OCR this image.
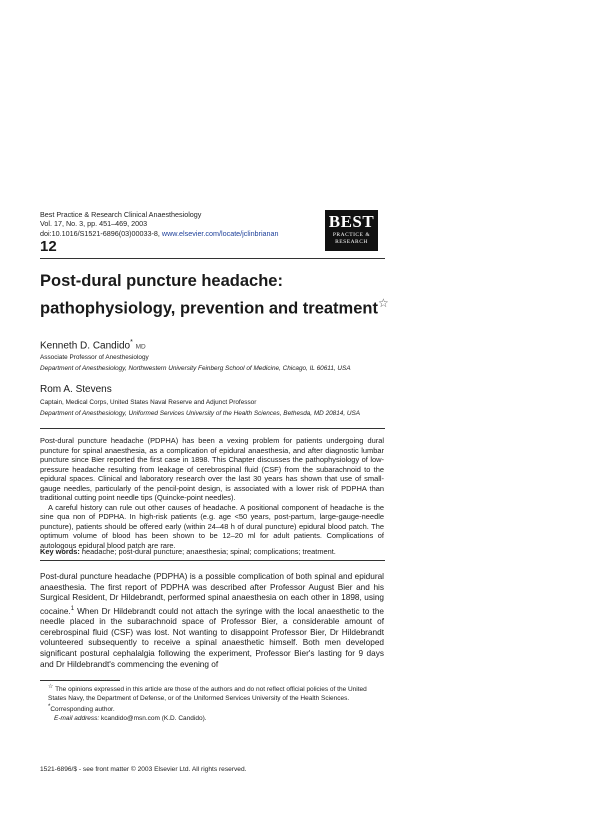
Best Practice & Research Clinical Anaesthesiology
Vol. 17, No. 3, pp. 451–469, 2003
doi:10.1016/S1521-6896(03)00033-8, www.elsevier.com/locate/jclinbrianan
BEST
PRACTICE &
RESEARCH
12
Post-dural puncture headache:
pathophysiology, prevention and treatment☆
Kenneth D. Candido* MD
Associate Professor of Anesthesiology
Department of Anesthesiology, Northwestern University Feinberg School of Medicine, Chicago, IL 60611, USA
Rom A. Stevens
Captain, Medical Corps, United States Naval Reserve and Adjunct Professor
Department of Anesthesiology, Uniformed Services University of the Health Sciences, Bethesda, MD 20814, USA

Post-dural puncture headache (PDPHA) has been a vexing problem for patients undergoing dural puncture for spinal anaesthesia, as a complication of epidural anaesthesia, and after diagnostic lumbar puncture since Bier reported the first case in 1898. This Chapter discusses the pathophysiology of low-pressure headache resulting from leakage of cerebrospinal fluid (CSF) from the subarachnoid to the epidural spaces. Clinical and laboratory research over the last 30 years has shown that use of small-gauge needles, particularly of the pencil-point design, is associated with a lower risk of PDPHA than traditional cutting point needle tips (Quincke-point needles).

A careful history can rule out other causes of headache. A positional component of headache is the sine qua non of PDPHA. In high-risk patients (e.g. age <50 years, post-partum, large-gauge-needle puncture), patients should be offered early (within 24–48 h of dural puncture) epidural blood patch. The optimum volume of blood has been shown to be 12–20 ml for adult patients. Complications of autologous epidural blood patch are rare.

Key words: headache; post-dural puncture; anaesthesia; spinal; complications; treatment.

Post-dural puncture headache (PDPHA) is a possible complication of both spinal and epidural anaesthesia. The first report of PDPHA was described after Professor August Bier and his Surgical Resident, Dr Hildebrandt, performed spinal anaesthesia on each other in 1898, using cocaine.$^1$ When Dr Hildebrandt could not attach the syringe with the local anaesthetic to the needle placed in the subarachnoid space of Professor Bier, a considerable amount of cerebrospinal fluid (CSF) was lost. Not wanting to disappoint Professor Bier, Dr Hildebrandt volunteered subsequently to receive a spinal anaesthetic himself. Both men developed significant postural cephalalgia following the experiment, Professor Bier's lasting for 9 days and Dr Hildebrandt's commencing the evening of

☆ The opinions expressed in this article are those of the authors and do not reflect official policies of the United States Navy, the Department of Defense, or of the Uniformed Services University of the Health Sciences.

*Corresponding author.

E-mail address: kcandido@msn.com (K.D. Candido).

1521-6896/$ - see front matter © 2003 Elsevier Ltd. All rights reserved.
